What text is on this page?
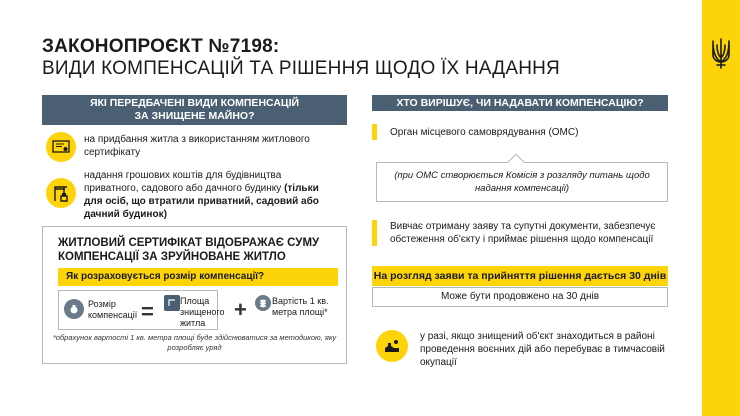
ЗАКОНОПРОЄКТ №7198:
ВИДИ КОМПЕНСАЦІЙ ТА РІШЕННЯ ЩОДО ЇХ НАДАННЯ
ЯКІ ПЕРЕДБАЧЕНІ ВИДИ КОМПЕНСАЦІЙ ЗА ЗНИЩЕНЕ МАЙНО?
на придбання житла з використанням житлового сертифікату
надання грошових коштів для будівництва приватного, садового або дачного будинку (тільки для осіб, що втратили приватний, садовий або дачний будинок)
ЖИТЛОВИЙ СЕРТИФІКАТ ВІДОБРАЖАЄ СУМУ КОМПЕНСАЦІЇ ЗА ЗРУЙНОВАНЕ ЖИТЛО
Як розраховується розмір компенсації?
Розмір компенсації =	Площа знищеного житла
+	Вартість 1 кв. метра площі*
*обрахунок вартості 1 кв. метра площі буде здійснюватися за методикою, яку розробляє уряд
ХТО ВИРІШУЄ, ЧИ НАДАВАТИ КОМПЕНСАЦІЮ?
Орган місцевого самоврядування (ОМС)
(при ОМС створюється Комісія з розгляду питань щодо надання компенсації)
Вивчає отриману заяву та супутні документи, забезпечує обстеження об'єкту і приймає рішення щодо компенсації
На розгляд заяви та прийняття рішення дається 30 днів
Може бути продовжено на 30 днів
у разі, якщо знищений об'єкт знаходиться в районі проведення воєнних дій або перебуває в тимчасовій окупації
